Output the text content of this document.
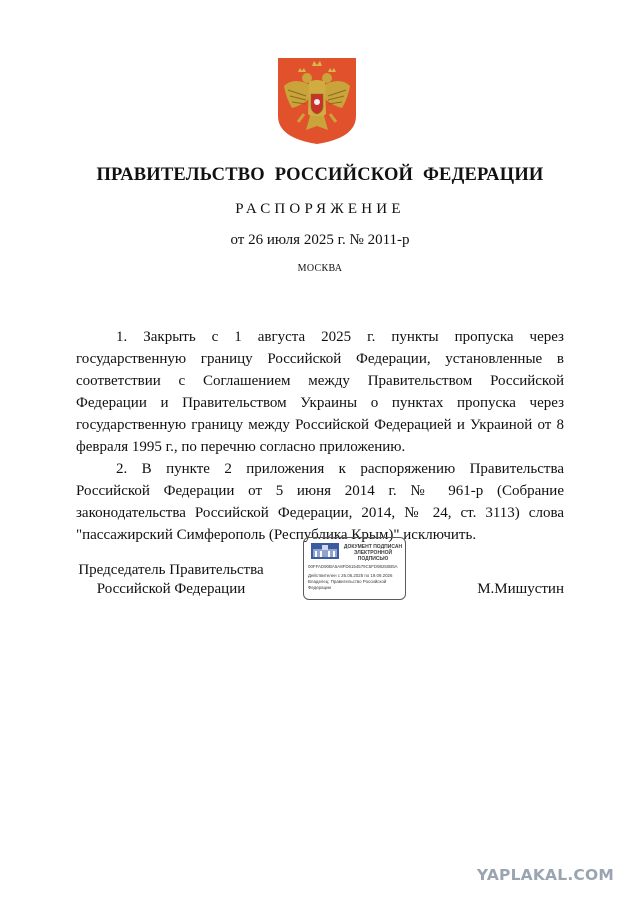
ПРАВИТЕЛЬСТВО РОССИЙСКОЙ ФЕДЕРАЦИИ
РАСПОРЯЖЕНИЕ
от 26 июля 2025 г. № 2011-р
МОСКВА

1. Закрыть с 1 августа 2025 г. пункты пропуска через государственную границу Российской Федерации, установленные в соответствии с Соглашением между Правительством Российской Федерации и Правительством Украины о пунктах пропуска через государственную границу между Российской Федерацией и Украиной от 8 февраля 1995 г., по перечню согласно приложению.

2. В пункте 2 приложения к распоряжению Правительства Российской Федерации от 5 июня 2014 г. № 961-р (Собрание законодательства Российской Федерации, 2014, № 24, ст. 3113) слова "пассажирский Симферополь (Республика Крым)" исключить.

Председатель Правительства
Российской Федерации
ДОКУМЕНТ ПОДПИСАН
ЭЛЕКТРОННОЙ ПОДПИСЬЮ
00FFAD90BA5A8FD6154579C5FD98250B5A
Действителен с 26.06.2025 по 19.09.2026
Владелец: Правительство Российской
Федерации	М.Мишустин
YAPLAKAL.COM
